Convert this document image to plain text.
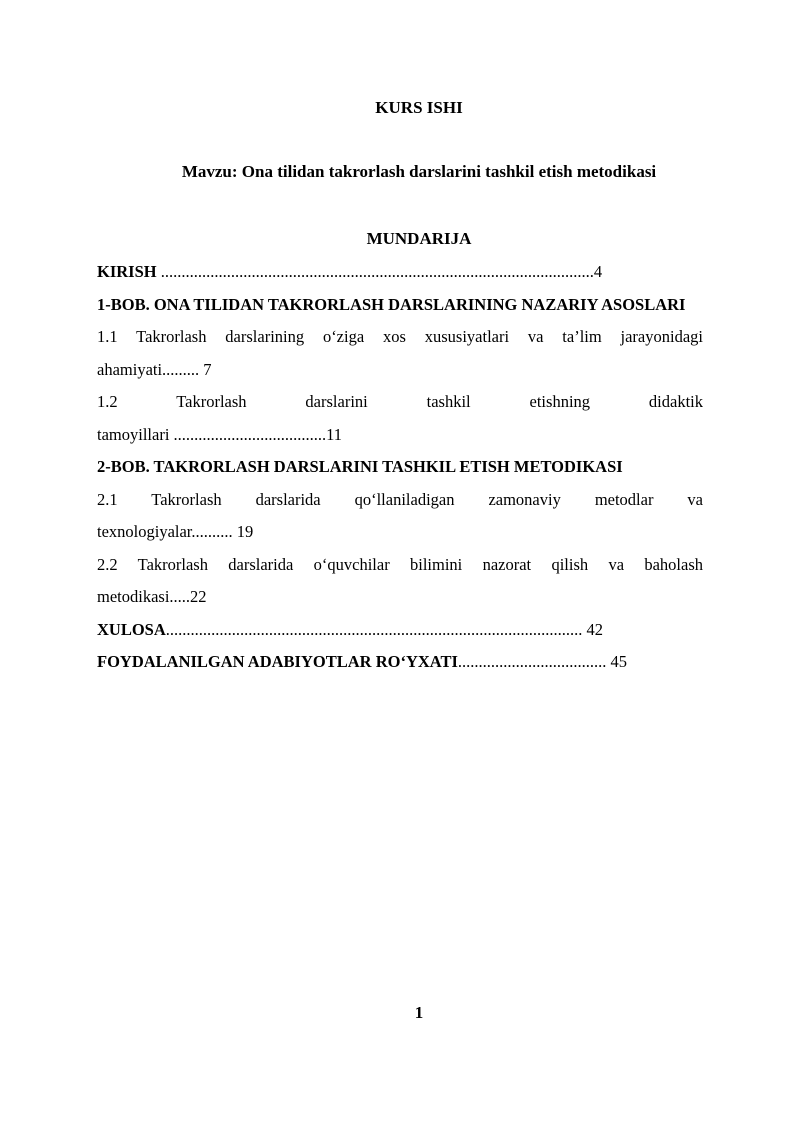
KURS ISHI
Mavzu: Ona tilidan takrorlash darslarini tashkil etish metodikasi
MUNDARIJA

KIRISH .........................................................................................................4

1-BOB. ONA TILIDAN TAKRORLASH DARSLARINING NAZARIY ASOSLARI

1.1 Takrorlash darslarining o‘ziga xos xususiyatlari va ta’lim jarayonidagi
ahamiyati......... 7

1.2 Takrorlash darslarini tashkil etishning didaktik
tamoyillari .....................................11

2-BOB. TAKRORLASH DARSLARINI TASHKIL ETISH METODIKASI

2.1 Takrorlash darslarida qo‘llaniladigan zamonaviy metodlar va
texnologiyalar.......... 19

2.2 Takrorlash darslarida o‘quvchilar bilimini nazorat qilish va baholash
metodikasi.....22

XULOSA..................................................................................................... 42

FOYDALANILGAN ADABIYOTLAR RO‘YXATI.................................... 45

1
